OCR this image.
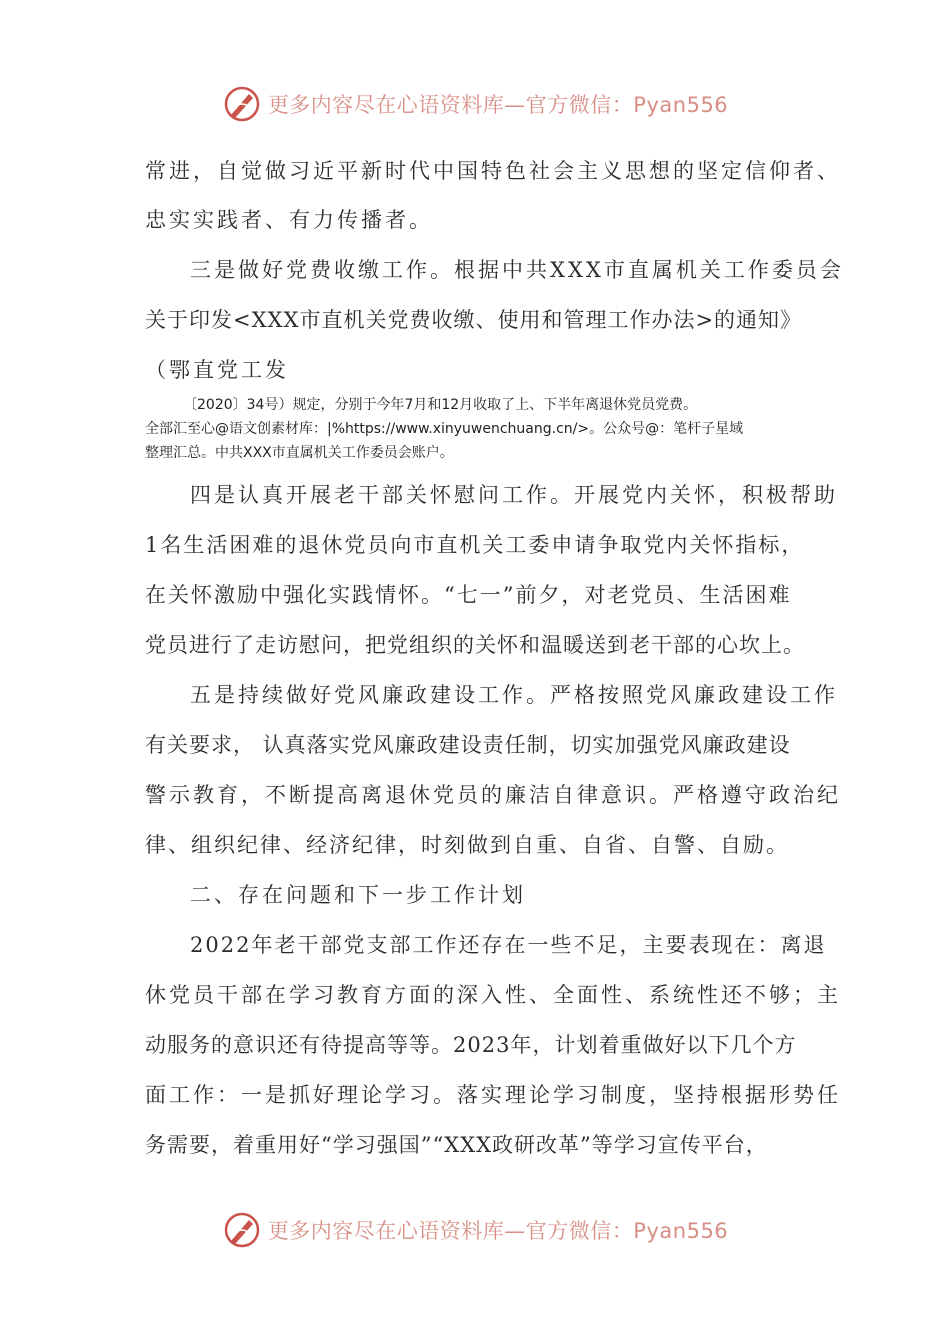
更多内容尽在心语资料库—官方微信：Pyan556
常进，自觉做习近平新时代中国特色社会主义思想的坚定信仰者、
忠实实践者、有力传播者。
三是做好党费收缴工作。根据中共XXX市直属机关工作委员会
关于印发<XXX市直机关党费收缴、使用和管理工作办法>的通知》
（鄂直党工发
〔2020〕34号）规定，分别于今年7月和12月收取了上、下半年离退休党员党费。
全部汇至心@语文创素材库：|%https://www.xinyuwenchuang.cn/>。公众号@：笔杆子星域
整理汇总。中共XXX市直属机关工作委员会账户。
四是认真开展老干部关怀慰问工作。开展党内关怀，积极帮助
1名生活困难的退休党员向市直机关工委申请争取党内关怀指标，
在关怀激励中强化实践情怀。“七一”前夕，对老党员、生活困难
党员进行了走访慰问，把党组织的关怀和温暖送到老干部的心坎上。
五是持续做好党风廉政建设工作。严格按照党风廉政建设工作
有关要求， 认真落实党风廉政建设责任制，切实加强党风廉政建设
警示教育，不断提高离退休党员的廉洁自律意识。严格遵守政治纪
律、组织纪律、经济纪律，时刻做到自重、自省、自警、自励。
二、存在问题和下一步工作计划
2022年老干部党支部工作还存在一些不足，主要表现在：离退
休党员干部在学习教育方面的深入性、全面性、系统性还不够；主
动服务的意识还有待提高等等。2023年，计划着重做好以下几个方
面工作：一是抓好理论学习。落实理论学习制度，坚持根据形势任
务需要，着重用好“学习强国”“XXX政研改革”等学习宣传平台，
更多内容尽在心语资料库—官方微信：Pyan556
